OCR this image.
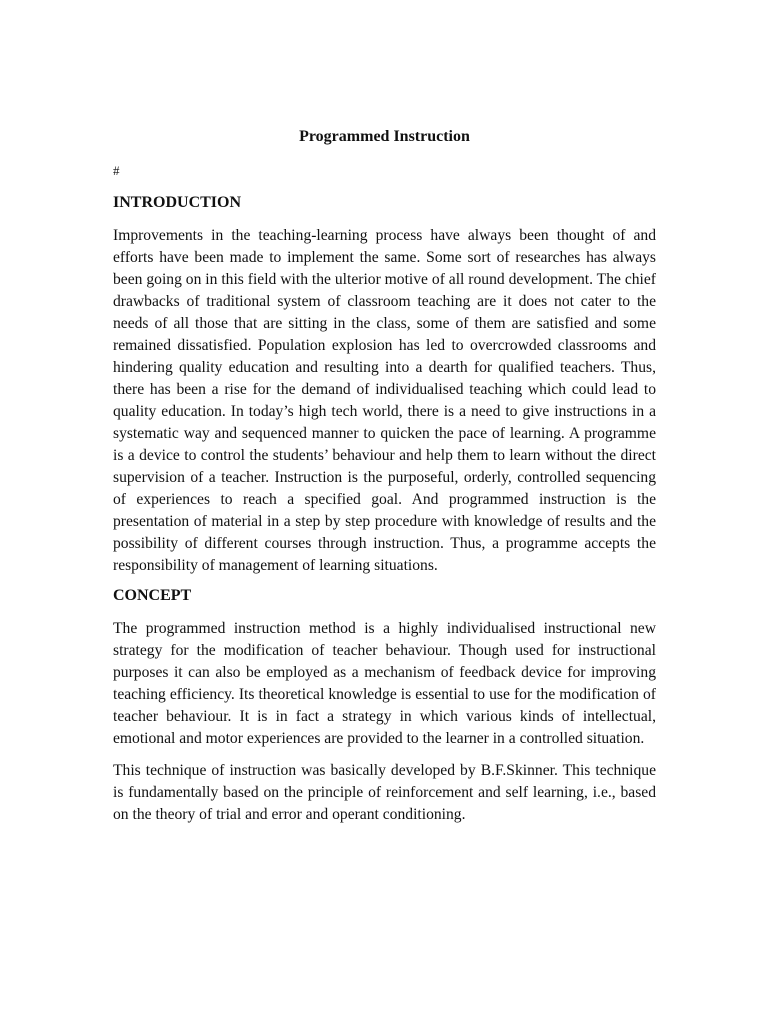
Programmed Instruction
#
INTRODUCTION

Improvements in the teaching-learning process have always been thought of and efforts have been made to implement the same. Some sort of researches has always been going on in this field with the ulterior motive of all round development. The chief drawbacks of traditional system of classroom teaching are it does not cater to the needs of all those that are sitting in the class, some of them are satisfied and some remained dissatisfied. Population explosion has led to overcrowded classrooms and hindering quality education and resulting into a dearth for qualified teachers. Thus, there has been a rise for the demand of individualised teaching which could lead to quality education. In today’s high tech world, there is a need to give instructions in a systematic way and sequenced manner to quicken the pace of learning. A programme is a device to control the students’ behaviour and help them to learn without the direct supervision of a teacher. Instruction is the purposeful, orderly, controlled sequencing of experiences to reach a specified goal. And programmed instruction is the presentation of material in a step by step procedure with knowledge of results and the possibility of different courses through instruction. Thus, a programme accepts the responsibility of management of learning situations.

CONCEPT

The programmed instruction method is a highly individualised instructional new strategy for the modification of teacher behaviour. Though used for instructional purposes it can also be employed as a mechanism of feedback device for improving teaching efficiency. Its theoretical knowledge is essential to use for the modification of teacher behaviour. It is in fact a strategy in which various kinds of intellectual, emotional and motor experiences are provided to the learner in a controlled situation.

This technique of instruction was basically developed by B.F.Skinner. This technique is fundamentally based on the principle of reinforcement and self learning, i.e., based on the theory of trial and error and operant conditioning.
